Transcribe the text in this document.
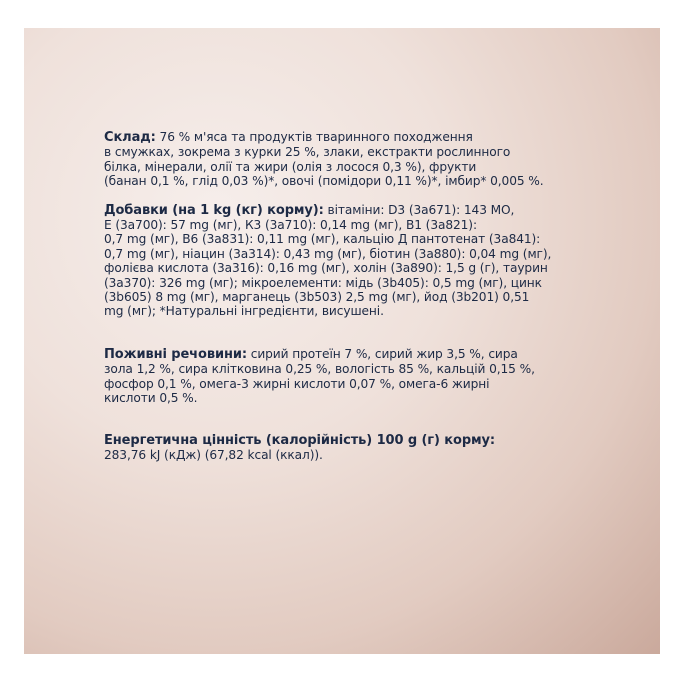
Склад: 76 % м'яса та продуктів тваринного походження
в смужках, зокрема з курки 25 %, злаки, екстракти рослинного
білка, мінерали, олії та жири (олія з лосося 0,3 %), фрукти
(банан 0,1 %, глід 0,03 %)*, овочі (помідори 0,11 %)*, імбир* 0,005 %.
Добавки (на 1 kg (кг) корму): вітаміни: D3 (3а671): 143 МО,
Е (3а700): 57 mg (мг), К3 (3а710): 0,14 mg (мг), В1 (3а821):
0,7 mg (мг), В6 (3а831): 0,11 mg (мг), кальцію Д пантотенат (3а841):
0,7 mg (мг), ніацин (3а314): 0,43 mg (мг), біотин (3а880): 0,04 mg (мг),
фолієва кислота (3а316): 0,16 mg (мг), холін (3а890): 1,5 g (г), таурин
(3а370): 326 mg (мг); мікроелементи: мідь (3b405): 0,5 mg (мг), цинк
(3b605) 8 mg (мг), марганець (3b503) 2,5 mg (мг), йод (3b201) 0,51
mg (мг); *Натуральні інгредієнти, висушені.
Поживні речовини: сирий протеїн 7 %, сирий жир 3,5 %, сира
зола 1,2 %, сира клітковина 0,25 %, вологість 85 %, кальцій 0,15 %,
фосфор 0,1 %, омега-3 жирні кислоти 0,07 %, омега-6 жирні
кислоти 0,5 %.
Енергетична цінність (калорійність) 100 g (г) корму:
283,76 kJ (кДж) (67,82 kcal (ккал)).
